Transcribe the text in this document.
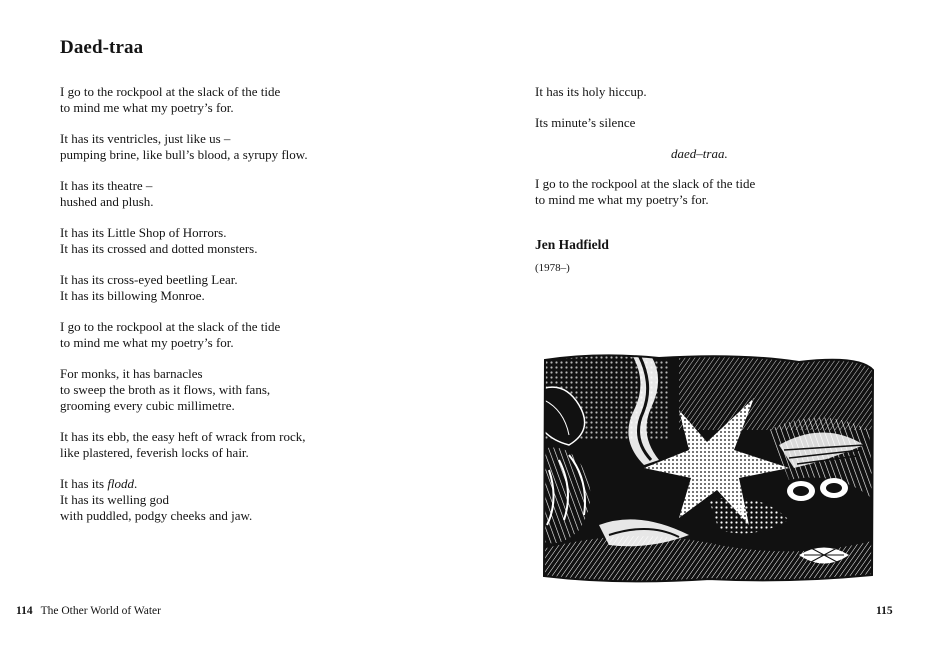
Daed-traa

I go to the rockpool at the slack of the tide
to mind me what my poetry’s for.

It has its ventricles, just like us –
pumping brine, like bull’s blood, a syrupy flow.

It has its theatre –
hushed and plush.

It has its Little Shop of Horrors.
It has its crossed and dotted monsters.

It has its cross-eyed beetling Lear.
It has its billowing Monroe.

I go to the rockpool at the slack of the tide
to mind me what my poetry’s for.

For monks, it has barnacles
to sweep the broth as it flows, with fans,
grooming every cubic millimetre.

It has its ebb, the easy heft of wrack from rock,
like plastered, feverish locks of hair.

It has its flodd.
It has its welling god
with puddled, podgy cheeks and jaw.

114 The Other World of Water

It has its holy hiccup.

Its minute’s silence

daed–traa.

I go to the rockpool at the slack of the tide
to mind me what my poetry’s for.

Jen Hadfield

(1978–)

115
